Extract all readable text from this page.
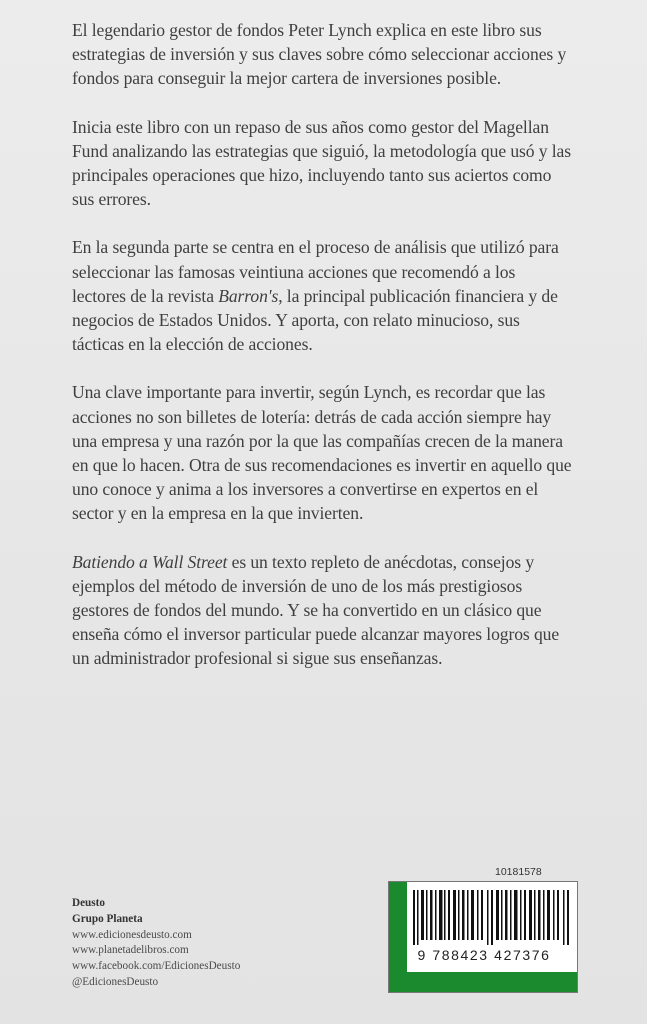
El legendario gestor de fondos Peter Lynch explica en este libro sus estrategias de inversión y sus claves sobre cómo seleccionar acciones y fondos para conseguir la mejor cartera de inversiones posible.

Inicia este libro con un repaso de sus años como gestor del Magellan Fund analizando las estrategias que siguió, la metodología que usó y las principales operaciones que hizo, incluyendo tanto sus aciertos como sus errores.

En la segunda parte se centra en el proceso de análisis que utilizó para seleccionar las famosas veintiuna acciones que recomendó a los lectores de la revista Barron's, la principal publicación financiera y de negocios de Estados Unidos. Y aporta, con relato minucioso, sus tácticas en la elección de acciones.

Una clave importante para invertir, según Lynch, es recordar que las acciones no son billetes de lotería: detrás de cada acción siempre hay una empresa y una razón por la que las compañías crecen de la manera en que lo hacen. Otra de sus recomendaciones es invertir en aquello que uno conoce y anima a los inversores a convertirse en expertos en el sector y en la empresa en la que invierten.

Batiendo a Wall Street es un texto repleto de anécdotas, consejos y ejemplos del método de inversión de uno de los más prestigiosos gestores de fondos del mundo. Y se ha convertido en un clásico que enseña cómo el inversor particular puede alcanzar mayores logros que un administrador profesional si sigue sus enseñanzas.

Deusto
Grupo Planeta
www.edicionesdeusto.com
www.planetadelibros.com
www.facebook.com/EdicionesDeusto
@EdicionesDeusto
10181578
9 788423 427376
